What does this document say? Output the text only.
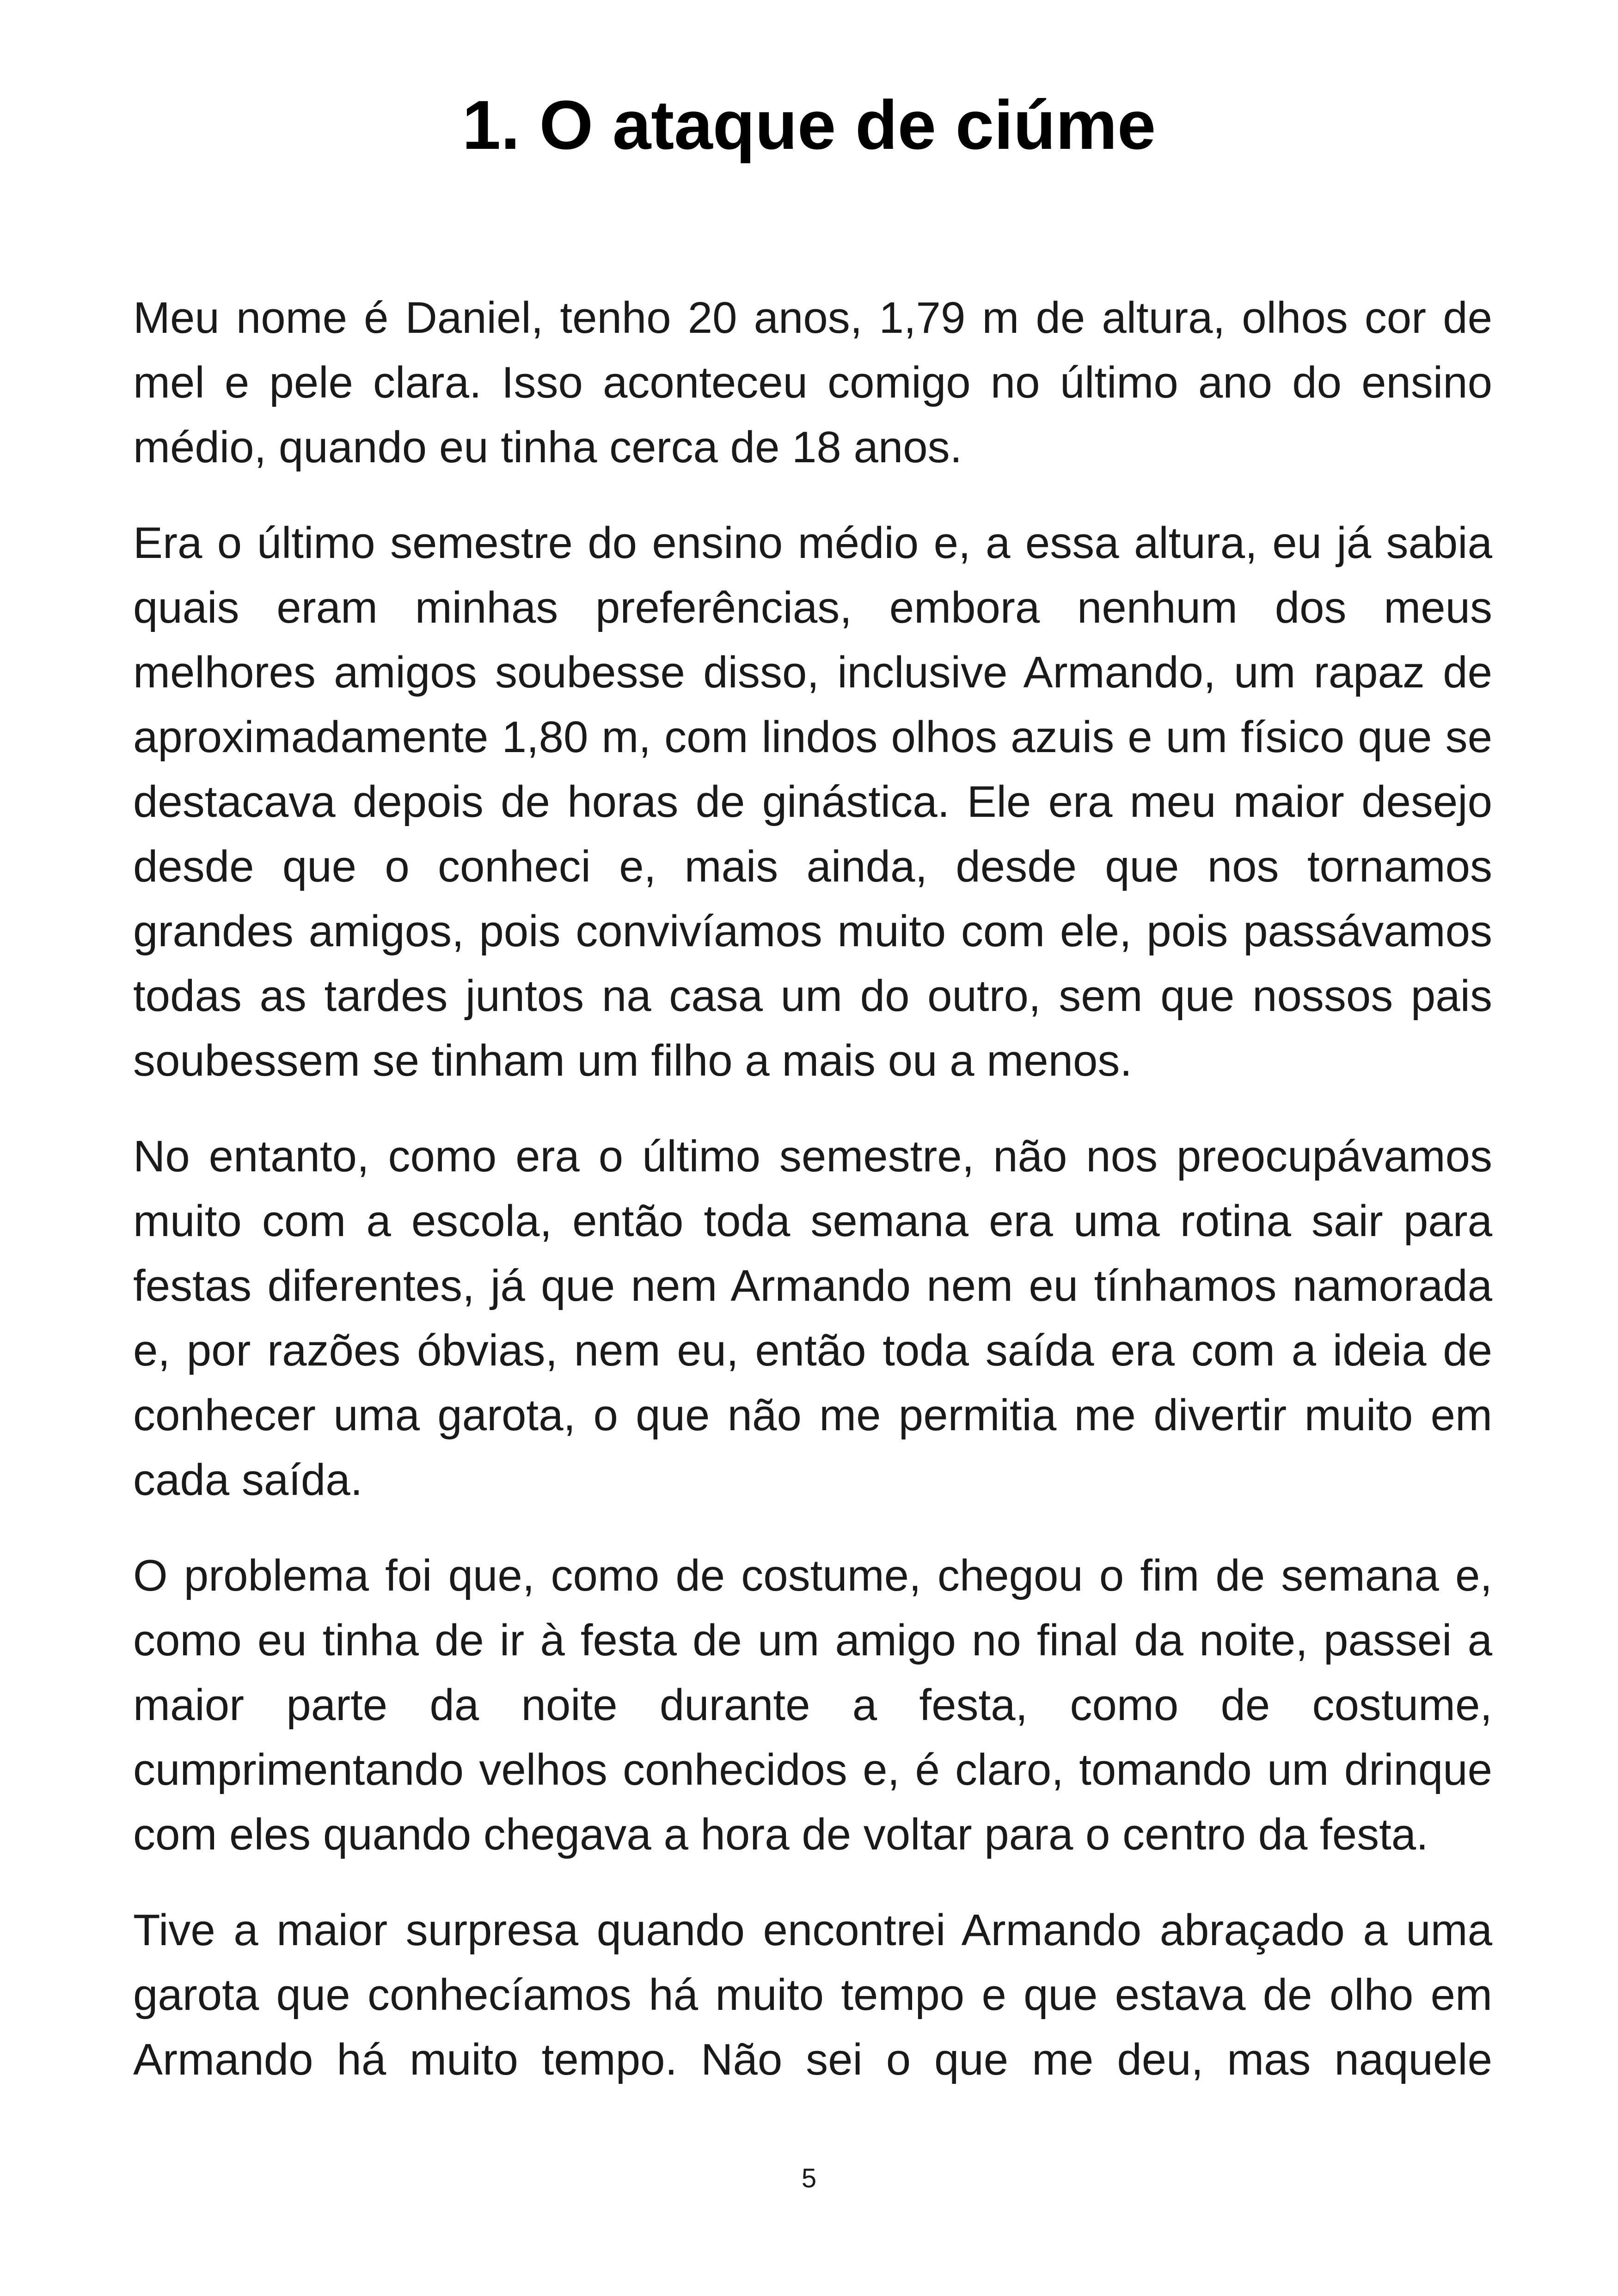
1. O ataque de ciúme

Meu nome é Daniel, tenho 20 anos, 1,79 m de altura, olhos cor de mel e pele clara. Isso aconteceu comigo no último ano do ensino médio, quando eu tinha cerca de 18 anos.

Era o último semestre do ensino médio e, a essa altura, eu já sabia quais eram minhas preferências, embora nenhum dos meus melhores amigos soubesse disso, inclusive Armando, um rapaz de aproximadamente 1,80 m, com lindos olhos azuis e um físico que se destacava depois de horas de ginástica. Ele era meu maior desejo desde que o conheci e, mais ainda, desde que nos tornamos grandes amigos, pois convivíamos muito com ele, pois passávamos todas as tardes juntos na casa um do outro, sem que nossos pais soubessem se tinham um filho a mais ou a menos.

No entanto, como era o último semestre, não nos preocupávamos muito com a escola, então toda semana era uma rotina sair para festas diferentes, já que nem Armando nem eu tínhamos namorada e, por razões óbvias, nem eu, então toda saída era com a ideia de conhecer uma garota, o que não me permitia me divertir muito em cada saída.

O problema foi que, como de costume, chegou o fim de semana e, como eu tinha de ir à festa de um amigo no final da noite, passei a maior parte da noite durante a festa, como de costume, cumprimentando velhos conhecidos e, é claro, tomando um drinque com eles quando chegava a hora de voltar para o centro da festa.

Tive a maior surpresa quando encontrei Armando abraçado a uma garota que conhecíamos há muito tempo e que estava de olho em Armando há muito tempo. Não sei o que me deu, mas naquele

5
